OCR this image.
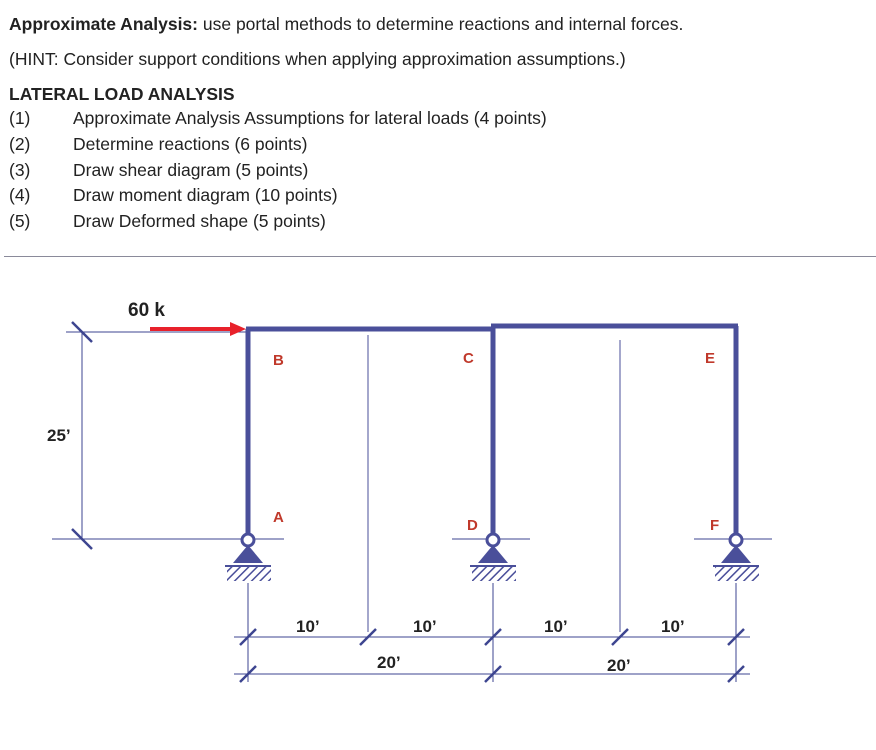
Approximate Analysis: use portal methods to determine reactions and internal forces.
(HINT: Consider support conditions when applying approximation assumptions.)
LATERAL LOAD ANALYSIS
(1) Approximate Analysis Assumptions for lateral loads (4 points)
(2) Determine reactions (6 points)
(3) Draw shear diagram (5 points)
(4) Draw moment diagram (10 points)
(5) Draw Deformed shape (5 points)
25’
60 k
B	C	E
A	D	F
10’	10’	10’	10’
20’	20’
